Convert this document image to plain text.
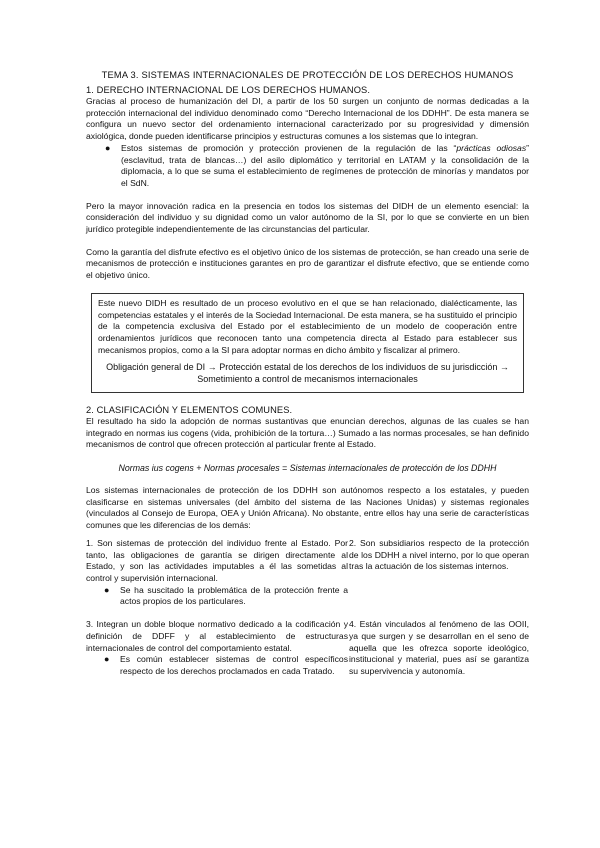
TEMA 3. SISTEMAS INTERNACIONALES DE PROTECCIÓN DE LOS DERECHOS HUMANOS
1. DERECHO INTERNACIONAL DE LOS DERECHOS HUMANOS.

Gracias al proceso de humanización del DI, a partir de los 50 surgen un conjunto de normas dedicadas a la protección internacional del individuo denominado como “Derecho Internacional de los DDHH”. De esta manera se configura un nuevo sector del ordenamiento internacional caracterizado por su progresividad y dimensión axiológica, donde pueden identificarse principios y estructuras comunes a los sistemas que lo integran.

● Estos sistemas de promoción y protección provienen de la regulación de las “prácticas odiosas” (esclavitud, trata de blancas…) del asilo diplomático y territorial en LATAM y la consolidación de la diplomacia, a lo que se suma el establecimiento de regímenes de protección de minorías y mandatos por el SdN.

Pero la mayor innovación radica en la presencia en todos los sistemas del DIDH de un elemento esencial: la consideración del individuo y su dignidad como un valor autónomo de la SI, por lo que se convierte en un bien jurídico protegible independientemente de las circunstancias del particular.

Como la garantía del disfrute efectivo es el objetivo único de los sistemas de protección, se han creado una serie de mecanismos de protección e instituciones garantes en pro de garantizar el disfrute efectivo, que se entiende como el objetivo único.

Este nuevo DIDH es resultado de un proceso evolutivo en el que se han relacionado, dialécticamente, las competencias estatales y el interés de la Sociedad Internacional. De esta manera, se ha sustituido el principio de la competencia exclusiva del Estado por el establecimiento de un modelo de cooperación entre ordenamientos jurídicos que reconocen tanto una competencia directa al Estado para establecer sus mecanismos propios, como a la SI para adoptar normas en dicho ámbito y fiscalizar al primero.

Obligación general de DI → Protección estatal de los derechos de los individuos de su jurisdicción → Sometimiento a control de mecanismos internacionales

2. CLASIFICACIÓN Y ELEMENTOS COMUNES.

El resultado ha sido la adopción de normas sustantivas que enuncian derechos, algunas de las cuales se han integrado en normas ius cogens (vida, prohibición de la tortura…) Sumado a las normas procesales, se han definido mecanismos de control que ofrecen protección al particular frente al Estado.

Normas ius cogens + Normas procesales = Sistemas internacionales de protección de los DDHH

Los sistemas internacionales de protección de los DDHH son autónomos respecto a los estatales, y pueden clasificarse en sistemas universales (del ámbito del sistema de las Naciones Unidas) y sistemas regionales (vinculados al Consejo de Europa, OEA y Unión Africana). No obstante, entre ellos hay una serie de características comunes que les diferencias de los demás:

1. Son sistemas de protección del individuo frente al Estado. Por tanto, las obligaciones de garantía se dirigen directamente al Estado, y son las actividades imputables a él las sometidas al control y supervisión internacional.

● Se ha suscitado la problemática de la protección frente a actos propios de los particulares.

2. Son subsidiarios respecto de la protección de los DDHH a nivel interno, por lo que operan tras la actuación de los sistemas internos.

3. Integran un doble bloque normativo dedicado a la codificación y definición de DDFF y al establecimiento de estructuras internacionales de control del comportamiento estatal.

● Es común establecer sistemas de control específicos respecto de los derechos proclamados en cada Tratado.

4. Están vinculados al fenómeno de las OOII, ya que surgen y se desarrollan en el seno de aquella que les ofrezca soporte ideológico, institucional y material, pues así se garantiza su supervivencia y autonomía.
